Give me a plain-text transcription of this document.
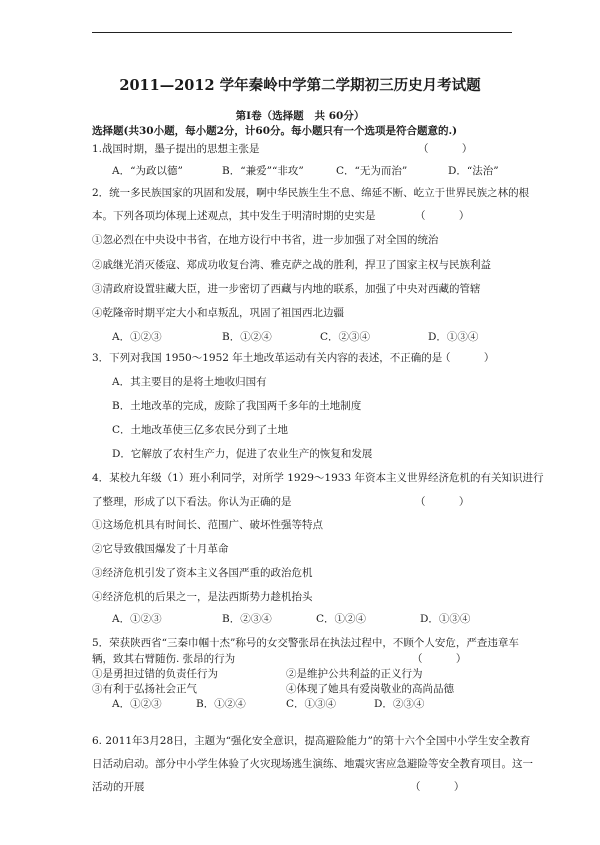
2011—2012 学年秦岭中学第二学期初三历史月考试题
第Ⅰ卷（选择题   共 60分）
选择题(共30小题，每小题2分，计60分。每小题只有一个选项是符合题意的.)
1.战国时期，墨子提出的思想主张是	（          ）
A．“为政以德”	B．“兼爱”“非攻”	C．“无为而治”	D．“法治”
2．统一多民族国家的巩固和发展，啊中华民族生生不息、绵延不断、屹立于世界民族之林的根
本。下列各项均体现上述观点，其中发生于明清时期的史实是	（          ）
①忽必烈在中央设中书省，在地方设行中书省，进一步加强了对全国的统治
②戚继光消灭倭寇、郑成功收复台湾、雅克萨之战的胜利，捍卫了国家主权与民族利益
③清政府设置驻藏大臣，进一步密切了西藏与内地的联系，加强了中央对西藏的管辖
④乾隆帝时期平定大小和卓叛乱，巩固了祖国西北边疆
A．①②③	B．①②④	C．②③④	D．①③④
3．下列对我国 1950～1952 年土地改革运动有关内容的表述，不正确的是
（          ）
A．其主要目的是将土地收归国有
B．土地改革的完成，废除了我国两千多年的土地制度
C．土地改革使三亿多农民分到了土地
D．它解放了农村生产力，促进了农业生产的恢复和发展
4．某校九年级（1）班小利同学，对所学 1929～1933 年资本主义世界经济危机的有关知识进行
了整理，形成了以下看法。你认为正确的是	（          ）
①这场危机具有时间长、范围广、破坏性强等特点
②它导致俄国爆发了十月革命
③经济危机引发了资本主义各国严重的政治危机
④经济危机的后果之一，是法西斯势力趁机抬头
A．①②③	B．②③④	C．①②④	D．①③④
5．荣获陕西省“三秦巾帼十杰”称号的女交警张昂在执法过程中，不顾个人安危，严查违章车
辆，致其右臂随伤. 张昂的行为	（          ）
①是勇担过错的负责任行为	②是维护公共利益的正义行为
③有利于弘扬社会正气	④体现了她具有爱岗敬业的高尚品德
A．①②③	B．①②④	C．①③④	D．②③④
6. 2011年3月28日，主题为“强化安全意识，提高避险能力”的第十六个全国中小学生安全教育
日活动启动。部分中小学生体验了火灾现场逃生演练、地震灾害应急避险等安全教育项目。这一
活动的开展	（          ）
